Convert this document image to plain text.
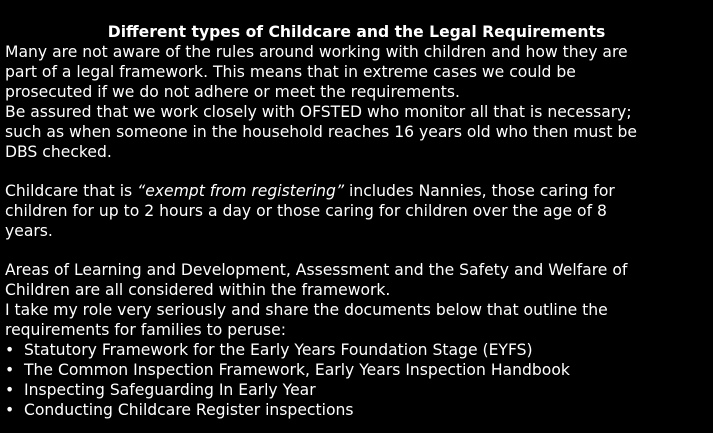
Different types of Childcare and the Legal Requirements
Many are not aware of the rules around working with children and how they are
part of a legal framework. This means that in extreme cases we could be
prosecuted if we do not adhere or meet the requirements.
Be assured that we work closely with OFSTED who monitor all that is necessary;
such as when someone in the household reaches 16 years old who then must be
DBS checked.
Childcare that is “exempt from registering” includes Nannies, those caring for
children for up to 2 hours a day or those caring for children over the age of 8
years.
Areas of Learning and Development, Assessment and the Safety and Welfare of
Children are all considered within the framework.
I take my role very seriously and share the documents below that outline the
requirements for families to peruse:
• Statutory Framework for the Early Years Foundation Stage (EYFS)
• The Common Inspection Framework, Early Years Inspection Handbook
• Inspecting Safeguarding In Early Year
• Conducting Childcare Register inspections
